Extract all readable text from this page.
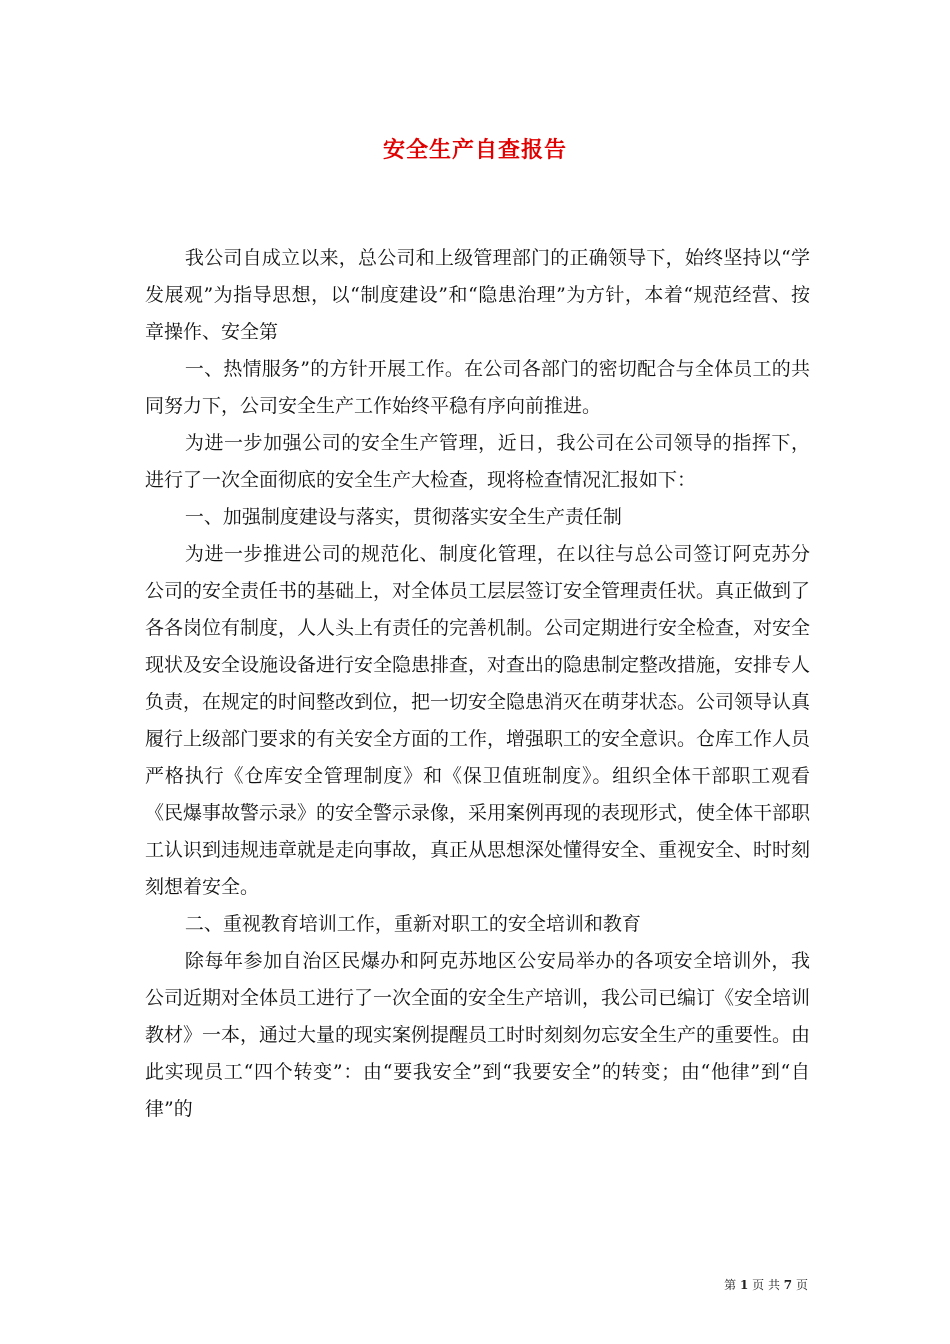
安全生产自查报告

我公司自成立以来，总公司和上级管理部门的正确领导下，始终坚持以“学发展观”为指导思想，以“制度建设”和“隐患治理”为方针，本着“规范经营、按章操作、安全第

一、热情服务”的方针开展工作。在公司各部门的密切配合与全体员工的共同努力下，公司安全生产工作始终平稳有序向前推进。

为进一步加强公司的安全生产管理，近日，我公司在公司领导的指挥下，进行了一次全面彻底的安全生产大检查，现将检查情况汇报如下：

一、加强制度建设与落实，贯彻落实安全生产责任制

为进一步推进公司的规范化、制度化管理，在以往与总公司签订阿克苏分公司的安全责任书的基础上，对全体员工层层签订安全管理责任状。真正做到了各各岗位有制度，人人头上有责任的完善机制。公司定期进行安全检查，对安全现状及安全设施设备进行安全隐患排查，对查出的隐患制定整改措施，安排专人负责，在规定的时间整改到位，把一切安全隐患消灭在萌芽状态。公司领导认真履行上级部门要求的有关安全方面的工作，增强职工的安全意识。仓库工作人员严格执行《仓库安全管理制度》和《保卫值班制度》。组织全体干部职工观看《民爆事故警示录》的安全警示录像，采用案例再现的表现形式，使全体干部职工认识到违规违章就是走向事故，真正从思想深处懂得安全、重视安全、时时刻刻想着安全。

二、重视教育培训工作，重新对职工的安全培训和教育

除每年参加自治区民爆办和阿克苏地区公安局举办的各项安全培训外，我公司近期对全体员工进行了一次全面的安全生产培训，我公司已编订《安全培训教材》一本，通过大量的现实案例提醒员工时时刻刻勿忘安全生产的重要性。由此实现员工“四个转变”：由“要我安全”到“我要安全”的转变；由“他律”到“自律”的

第 1 页 共 7 页
